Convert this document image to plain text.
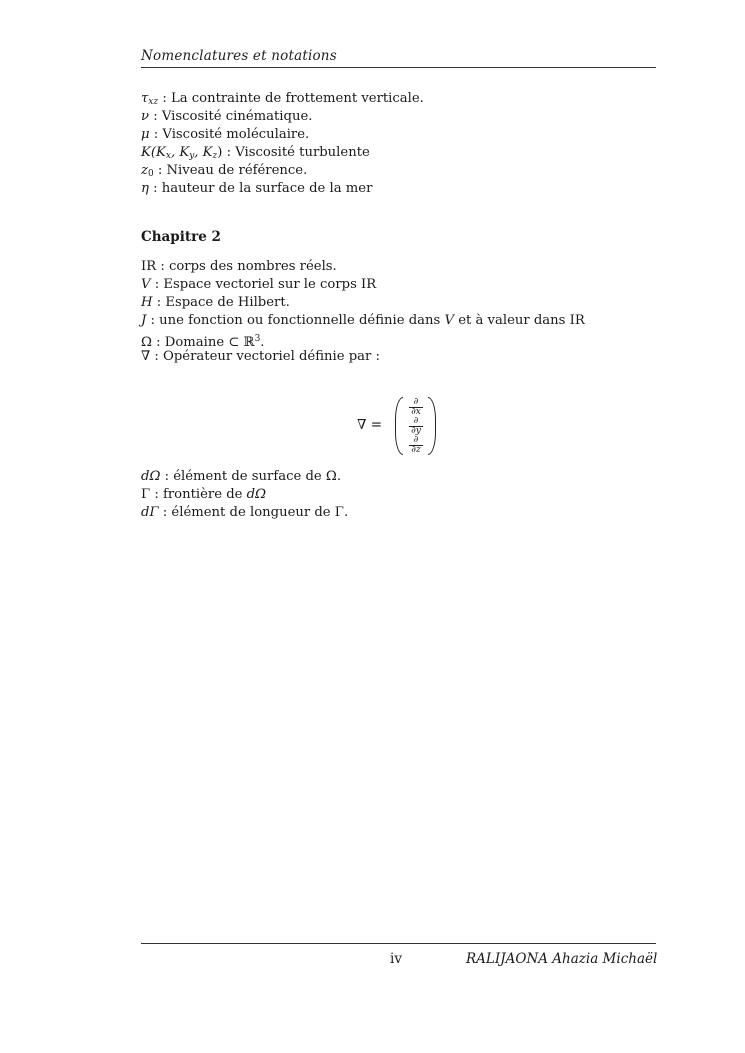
Nomenclatures et notations
$\tau_{xz}$ : La contrainte de frottement verticale.
ν : Viscosité cinématique.
μ : Viscosité moléculaire.
$K(K_x$, $K_y$, $K_z$) : Viscosité turbulente
$z_0$ : Niveau de référence.
η : hauteur de la surface de la mer
Chapitre 2
IR : corps des nombres réels.
V : Espace vectoriel sur le corps IR
H : Espace de Hilbert.
J : une fonction ou fonctionnelle définie dans V et à valeur dans IR
Ω : Domaine ⊂ ℝ$^3$.
∇ : Opérateur vectoriel définie par :
∇ =
∂
∂x
∂
∂y
∂
∂z
dΩ : élément de surface de Ω.
Γ : frontière de dΩ
dΓ : élément de longueur de Γ.
iv	RALIJAONA Ahazia Michaël
